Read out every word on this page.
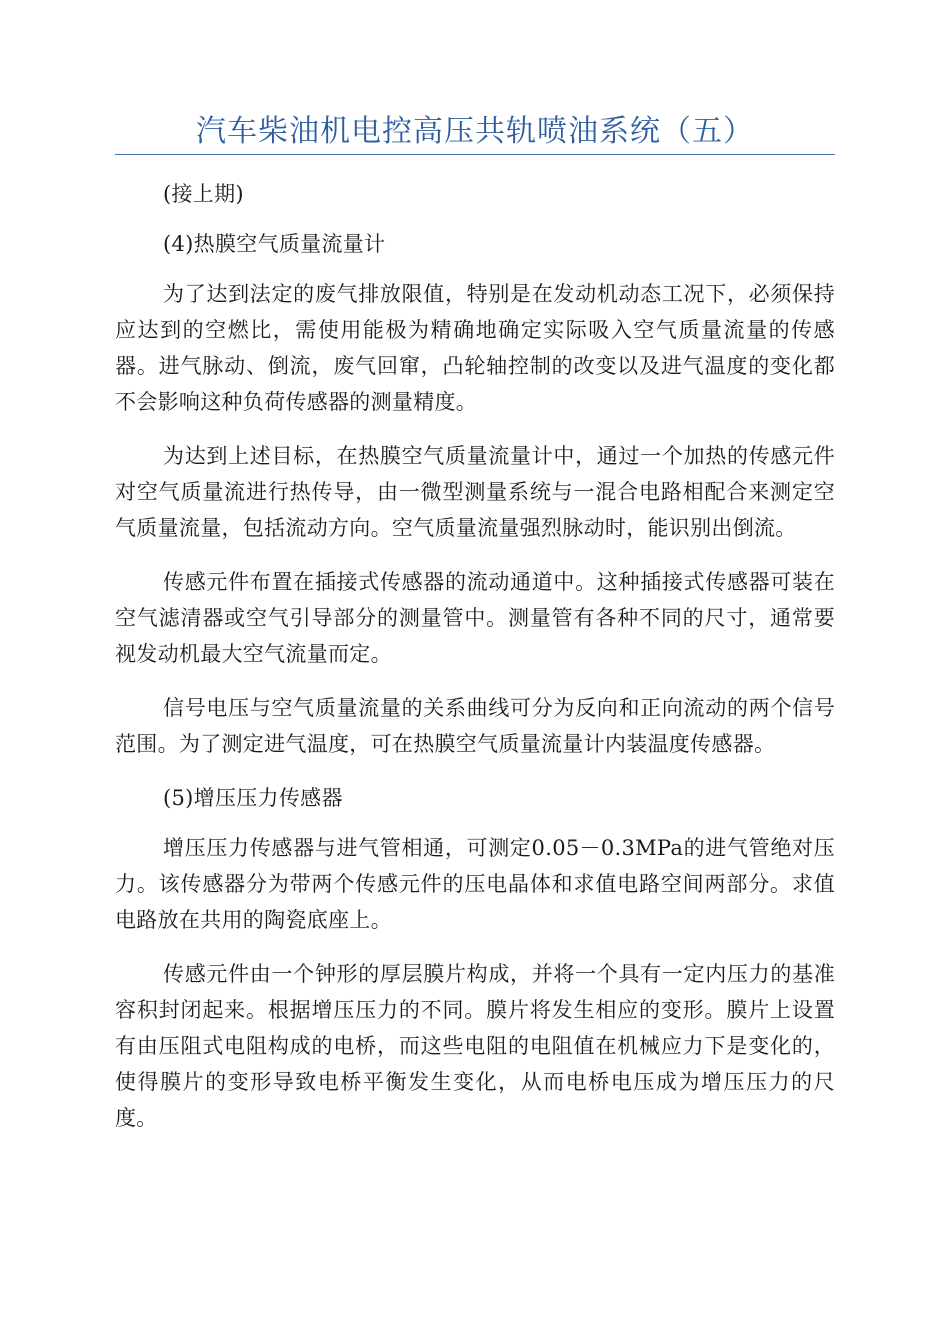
汽车柴油机电控高压共轨喷油系统（五）

(接上期)

(4)热膜空气质量流量计

为了达到法定的废气排放限值，特别是在发动机动态工况下，必须保持应达到的空燃比，需使用能极为精确地确定实际吸入空气质量流量的传感器。进气脉动、倒流，废气回窜，凸轮轴控制的改变以及进气温度的变化都不会影响这种负荷传感器的测量精度。

为达到上述目标，在热膜空气质量流量计中，通过一个加热的传感元件对空气质量流进行热传导，由一微型测量系统与一混合电路相配合来测定空气质量流量，包括流动方向。空气质量流量强烈脉动时，能识别出倒流。

传感元件布置在插接式传感器的流动通道中。这种插接式传感器可装在空气滤清器或空气引导部分的测量管中。测量管有各种不同的尺寸，通常要视发动机最大空气流量而定。

信号电压与空气质量流量的关系曲线可分为反向和正向流动的两个信号范围。为了测定进气温度，可在热膜空气质量流量计内装温度传感器。

(5)增压压力传感器

增压压力传感器与进气管相通，可测定0.05－0.3MPa的进气管绝对压力。该传感器分为带两个传感元件的压电晶体和求值电路空间两部分。求值电路放在共用的陶瓷底座上。

传感元件由一个钟形的厚层膜片构成，并将一个具有一定内压力的基准容积封闭起来。根据增压压力的不同。膜片将发生相应的变形。膜片上设置有由压阻式电阻构成的电桥，而这些电阻的电阻值在机械应力下是变化的，使得膜片的变形导致电桥平衡发生变化，从而电桥电压成为增压压力的尺度。
